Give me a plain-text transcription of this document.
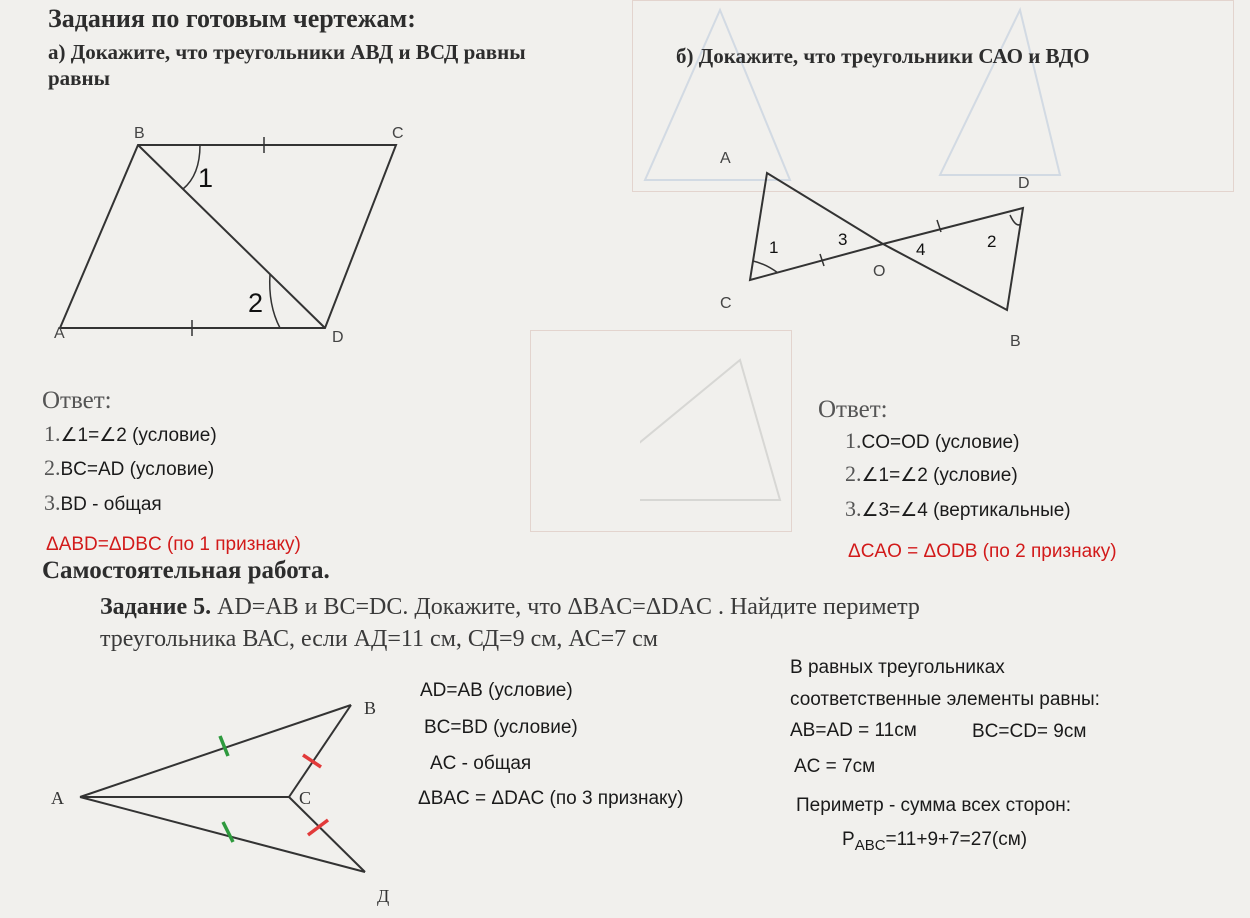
Задания по готовым чертежам:
а) Докажите, что треугольники АВД и ВСД равны
равны
б) Докажите, что треугольники САО и ВДО
B	C
A	D
1
2
A
D
C
B
O
1	2
3
4
Ответ:
1.∠1=∠2 (условие)
2.BC=AD (условие)
3.BD - общая
ΔABD=ΔDBC (по 1 признаку)
Ответ:
1.CO=OD (условие)
2.∠1=∠2 (условие)
3.∠3=∠4 (вертикальные)
ΔCAO = ΔODB (по 2 признаку)
Самостоятельная работа.
Задание 5. AD=AB и BC=DC. Докажите, что ΔBAC=ΔDAC . Найдите периметр
треугольника ВАС, если АД=11 см, СД=9 см, АС=7 см
A
B
C
Д
AD=AB (условие)
BC=BD (условие)
AC - общая
ΔBAC = ΔDAC (по 3 признаку)
В равных треугольниках
соответственные элементы равны:
AB=AD = 11см	BC=CD= 9см
AC = 7см
Периметр - сумма всех сторон:
$P_{ABC}=11+9+7=27(см)$
